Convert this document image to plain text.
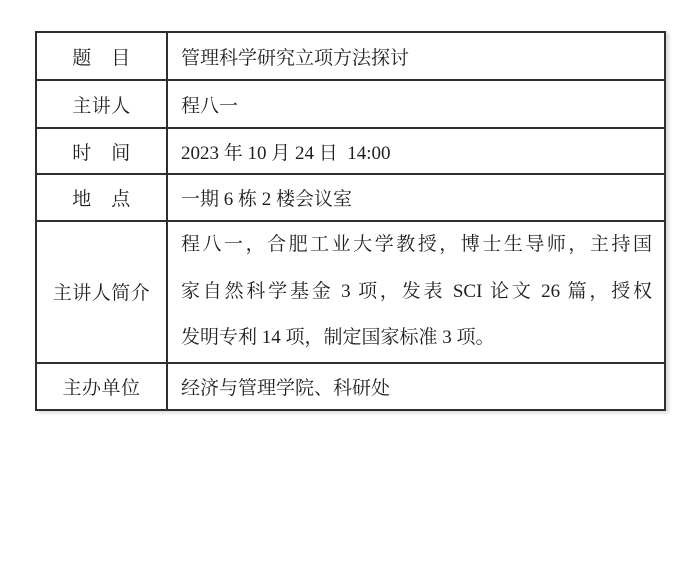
题　目	管理科学研究立项方法探讨
主讲人	程八一
时　间	2023 年 10 月 24 日  14:00
地　点	一期 6 栋 2 楼会议室
主讲人简介	程八一，合肥工业大学教授，博士生导师，主持国
家自然科学基金 3 项，发表 SCI 论文 26 篇，授权
发明专利 14 项，制定国家标准 3 项。

主办单位	经济与管理学院、科研处
